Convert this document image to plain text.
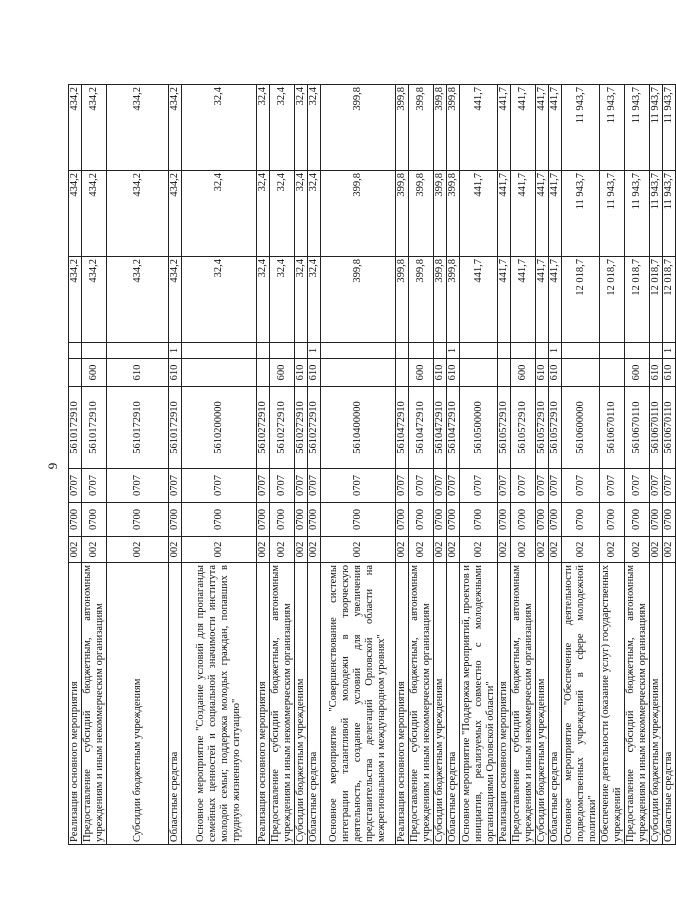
9
Реализация основного мероприятия	002	0700	0707	5610172910			434,2	434,2	434,2
Предоставление субсидий бюджетным, автономным учреждениям и иным некоммерческим организациям	002	0700	0707	5610172910	600		434,2	434,2	434,2
Субсидии бюджетным учреждениям	002	0700	0707	5610172910	610		434,2	434,2	434,2
Областные средства	002	0700	0707	5610172910	610	1	434,2	434,2	434,2
Основное мероприятие "Создание условий для пропаганды семейных ценностей и социальной значимости института молодой семьи; поддержка молодых граждан, попавших в трудную жизненную ситуацию"	002	0700	0707	5610200000			32,4	32,4	32,4
Реализация основного мероприятия	002	0700	0707	5610272910			32,4	32,4	32,4
Предоставление субсидий бюджетным, автономным учреждениям и иным некоммерческим организациям	002	0700	0707	5610272910	600		32,4	32,4	32,4
Субсидии бюджетным учреждениям	002	0700	0707	5610272910	610		32,4	32,4	32,4
Областные средства	002	0700	0707	5610272910	610	1	32,4	32,4	32,4
Основное мероприятие "Совершенствование системы интеграции талантливой молодежи в творческую деятельность, создание условий для увеличения представительства делегаций Орловской области на межрегиональном и международном уровнях"	002	0700	0707	5610400000			399,8	399,8	399,8
Реализация основного мероприятия	002	0700	0707	5610472910			399,8	399,8	399,8
Предоставление субсидий бюджетным, автономным учреждениям и иным некоммерческим организациям	002	0700	0707	5610472910	600		399,8	399,8	399,8
Субсидии бюджетным учреждениям	002	0700	0707	5610472910	610		399,8	399,8	399,8
Областные средства	002	0700	0707	5610472910	610	1	399,8	399,8	399,8
Основное мероприятие "Поддержка мероприятий, проектов и инициатив, реализуемых совместно с молодежными организациями Орловской области"	002	0700	0707	5610500000			441,7	441,7	441,7
Реализация основного мероприятия	002	0700	0707	5610572910			441,7	441,7	441,7
Предоставление субсидий бюджетным, автономным учреждениям и иным некоммерческим организациям	002	0700	0707	5610572910	600		441,7	441,7	441,7
Субсидии бюджетным учреждениям	002	0700	0707	5610572910	610		441,7	441,7	441,7
Областные средства	002	0700	0707	5610572910	610	1	441,7	441,7	441,7
Основное мероприятие "Обеспечение деятельности подведомственных учреждений в сфере молодежной политики"	002	0700	0707	5610600000			12 018,7	11 943,7	11 943,7
Обеспечение деятельности (оказание услуг) государственных учреждений	002	0700	0707	5610670110			12 018,7	11 943,7	11 943,7
Предоставление субсидий бюджетным, автономным учреждениям и иным некоммерческим организациям	002	0700	0707	5610670110	600		12 018,7	11 943,7	11 943,7
Субсидии бюджетным учреждениям	002	0700	0707	5610670110	610		12 018,7	11 943,7	11 943,7
Областные средства	002	0700	0707	5610670110	610	1	12 018,7	11 943,7	11 943,7
